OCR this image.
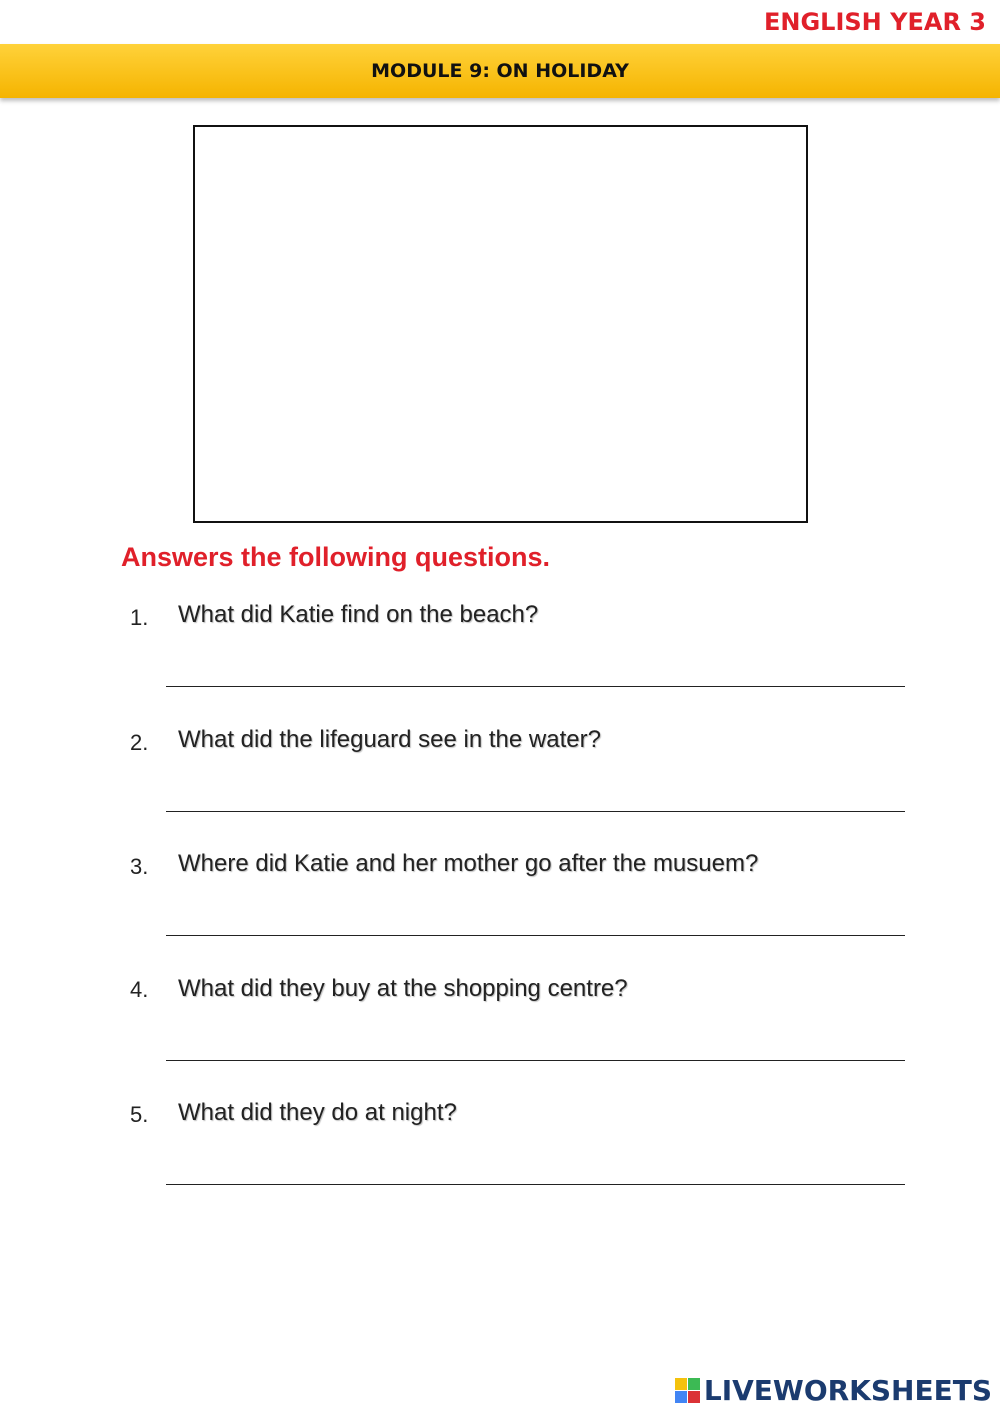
ENGLISH YEAR 3
MODULE 9: ON HOLIDAY
Answers the following questions.
1. What did Katie find on the beach?
2. What did the lifeguard see in the water?
3. Where did Katie and her mother go after the musuem?
4. What did they buy at the shopping centre?
5. What did they do at night?
LIVEWORKSHEETS
